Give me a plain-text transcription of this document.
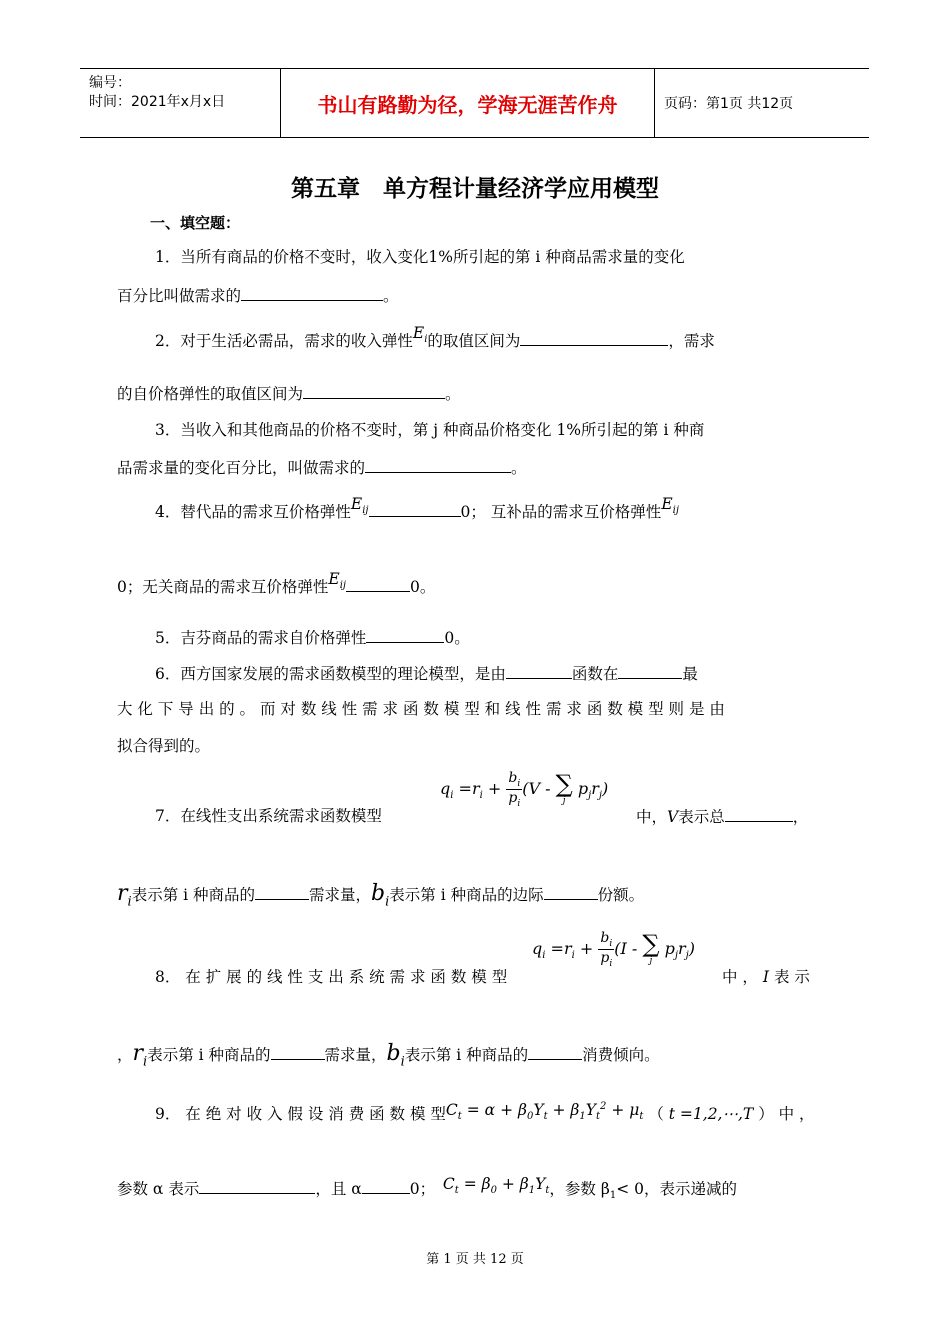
编号：
时间：2021年x月x日	书山有路勤为径，学海无涯苦作舟	页码：第1页 共12页
第五章　单方程计量经济学应用模型
一、填空题：
1．当所有商品的价格不变时，收入变化1%所引起的第 i 种商品需求量的变化
百分比叫做需求的	。
2．对于生活必需品，需求的收入弹性$E_i$的取值区间为	，需求
的自价格弹性的取值区间为	。
3．当收入和其他商品的价格不变时，第 j 种商品价格变化 1%所引起的第 i 种商
品需求量的变化百分比，叫做需求的	。
4．替代品的需求互价格弹性$E_{ij}$	0； 互补品的需求互价格弹性$E_{ij}$
0；无关商品的需求互价格弹性$E_{ij}$	0。
5．吉芬商品的需求自价格弹性	0。
6．西方国家发展的需求函数模型的理论模型，是由	函数在	最
大 化 下 导 出 的 。 而 对 数 线 性 需 求 函 数 模 型 和 线 性 需 求 函 数 模 型 则 是 由
拟合得到的。
$q_i =r_i + \frac{b_i}{p_i} (V$ - ∑
j
$p_jr_j$)
7．在线性支出系统需求函数模型	中，V表示总	，
$r_i$表示第 i 种商品的	需求量，$b_i$表示第 i 种商品的边际	份额。
$q_i =r_i + \frac{b_i}{p_i} (I$ - ∑
j
$p_jr_j$)
8． 在 扩 展 的 线 性 支 出 系 统 需 求 函 数 模 型	中 ， I 表 示
，$r_i$表示第 i 种商品的	需求量，$b_i$表示第 i 种商品的	消费倾向。
9． 在 绝 对 收 入 假 设 消 费 函 数 模 型$C_t = \alpha + \beta_0Y_t + \beta_1Y_t^2 + \mu_t$ （ t =1,2,⋯,T ） 中 ，
参数 α 表示	，且 α	0；　 $C_t = \beta_0 + \beta_1Y_t$，参数 $\beta_1< 0$，表示递减的
第 1 页 共 12 页
